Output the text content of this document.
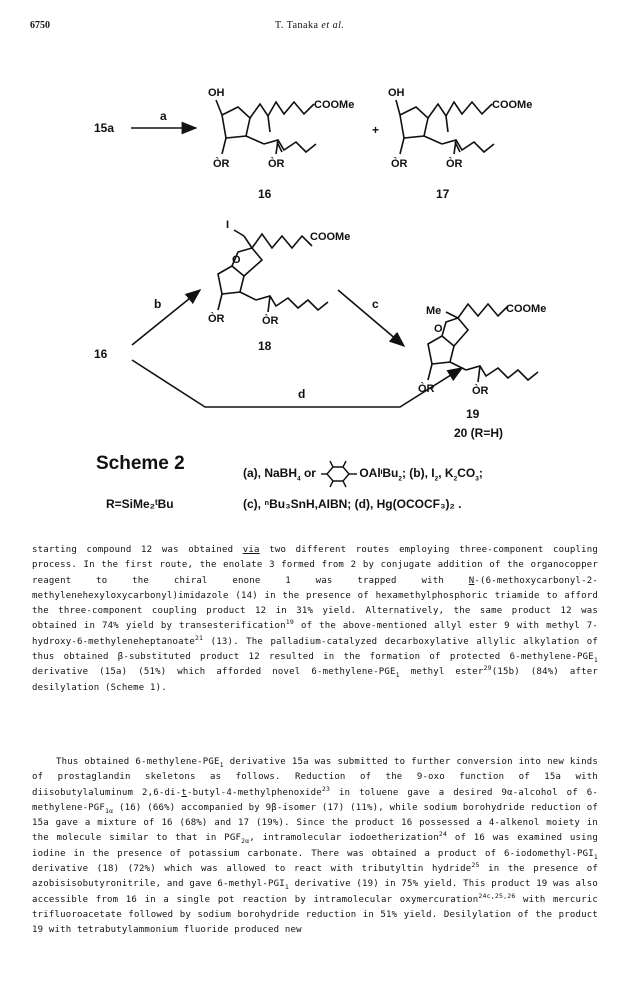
6750	T. Tanaka et al.
15a
a
OH
COOMe
ÒR	ÒR
16
+
OH
COOMe
ÒR	ÒR
17
I
O
COOMe
ÒR	ÒR
18
16
b
d
c	Me
O
COOMe
ÒR	ÒR
19
20 (R=H)
Scheme 2	(a), NaBH$_4$ or	OAlᶦBu$_2$; (b), $I_2$, $K_2CO_3$;
R=SiMe₂ᵗBu	(c), ⁿBu₃SnH,AIBN; (d), Hg(OCOCF₃)₂ .
starting compound 12 was obtained via two different routes employing three-component coupling process. In the first route, the enolate 3 formed from 2 by conjugate addition of the organocopper reagent to the chiral enone 1 was trapped with N-(6-methoxycarbonyl-2-methylenehexyloxycarbonyl)imidazole (14) in the presence of hexamethylphosphoric triamide to afford the three-component coupling product 12 in 31% yield. Alternatively, the same product 12 was obtained in 74% yield by transesterification$^{19}$ of the above-mentioned allyl ester 9 with methyl 7-hydroxy-6-methyleneheptanoate$^{21}$ (13). The palladium-catalyzed decarboxylative allylic alkylation of thus obtained β-substituted product 12 resulted in the formation of protected $6-methylene-PGE_1$ derivative (15a) (51%) which afforded novel $6-methylene-PGE_1$ methyl ester$^{29}$(15b) (84%) after desilylation (Scheme 1).
Thus obtained $6-methylene-PGE_1$ derivative 15a was submitted to further conversion into new kinds of prostaglandin skeletons as follows. Reduction of the 9-oxo function of 15a with diisobutylaluminum 2,6-di-t-butyl-4-methylphenoxide$^{23}$ in toluene gave a desired 9α-alcohol of $6-methylene-PGF_{1\alpha}$ (16) (66%) accompanied by 9β-isomer (17) (11%), while sodium borohydride reduction of 15a gave a mixture of 16 (68%) and 17 (19%). Since the product 16 possessed a 4-alkenol moiety in the molecule similar to that in $PGF_{2\alpha}$, intramolecular iodoetherization$^{24}$ of 16 was examined using iodine in the presence of potassium carbonate. There was obtained a product of $6-iodomethyl-PGI_1$ derivative (18) (72%) which was allowed to react with tributyltin hydride$^{25}$ in the presence of azobisisobutyronitrile, and gave $6-methyl-PGI_1$ derivative (19) in 75% yield. This product 19 was also accessible from 16 in a single pot reaction by intramolecular oxymercuration$^{24c,25,26}$ with mercuric trifluoroacetate followed by sodium borohydride reduction in 51% yield. Desilylation of the product 19 with tetrabutylammonium fluoride produced new
